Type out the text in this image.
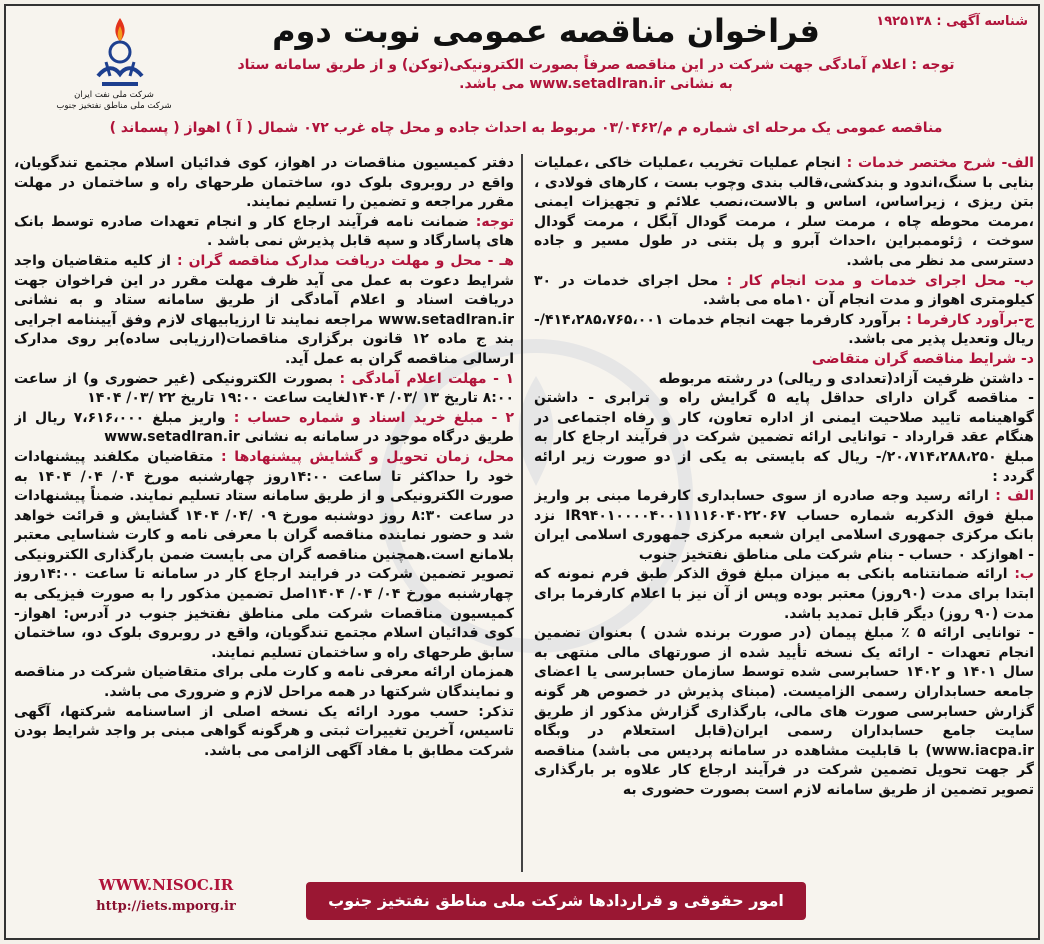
شناسه آگهی : ۱۹۲۵۱۳۸
فراخوان مناقصه عمومی نوبت دوم
شرکت ملی نفت ایران
شرکت ملی مناطق نفتخیز جنوب
توجه : اعلام آمادگی جهت شرکت در این مناقصه صرفاً بصورت الکترونیکی(توکن) و از طریق سامانه ستاد
به نشانی www.setadIran.ir می باشد.
مناقصه عمومی یک مرحله ای شماره م م/۰۳/۰۴۶۲ مربوط به احداث جاده و محل چاه غرب ۰۷۲ شمال ( آ ) اهواز ( پسماند )

الف- شرح مختصر خدمات : انجام عملیات تخریب ،عملیات خاکی ،عملیات بنایی با سنگ،اندود و بندکشی،قالب بندی وچوب بست ، کارهای فولادی ، بتن ریزی ، زیراساس، اساس و بالاست،نصب علائم و تجهیزات ایمنی ،مرمت محوطه چاه ، مرمت سلر ، مرمت گودال آبگل ، مرمت گودال سوخت ، ژئوممبراین ،احداث آبرو و پل بتنی در طول مسیر و جاده دسترسی مد نظر می باشد.

ب- محل اجرای خدمات و مدت انجام کار : محل اجرای خدمات در ۳۰ کیلومتری اهواز و مدت انجام آن ۱۰ماه می باشد.

ج-برآورد کارفرما : برآورد کارفرما جهت انجام خدمات ۴۱۴،۲۸۵،۷۶۵،۰۰۱/- ریال وتعدیل پذیر می باشد.

د- شرایط مناقصه گران متقاضی

- داشتن ظرفیت آزاد(تعدادی و ریالی) در رشته مربوطه

- مناقصه گران دارای حداقل پایه ۵ گرایش راه و ترابری - داشتن گواهینامه تایید صلاحیت ایمنی از اداره تعاون، کار و رفاه اجتماعی در هنگام عقد قرارداد - توانایی ارائه تضمین شرکت در فرآیند ارجاع کار به مبلغ ۲۰،۷۱۴،۲۸۸،۲۵۰/- ریال که بایستی به یکی از دو صورت زیر ارائه گردد :

الف : ارائه رسید وجه صادره از سوی حسابداری کارفرما مبنی بر واریز مبلغ فوق الذکربه شماره حساب IR۹۴۰۱۰۰۰۰۴۰۰۱۱۱۱۶۰۴۰۲۲۰۶۷ نزد بانک مرکزی جمهوری اسلامی ایران شعبه مرکزی جمهوری اسلامی ایران - اهوازکد ۰ حساب - بنام شرکت ملی مناطق نفتخیز جنوب

ب: ارائه ضمانتنامه بانکی به میزان مبلغ فوق الذکر طبق فرم نمونه که ابتدا برای مدت (۹۰روز) معتبر بوده وپس از آن نیز با اعلام کارفرما برای مدت (۹۰ روز) دیگر قابل تمدید باشد.

- توانایی ارائه ۵ ٪ مبلغ پیمان (در صورت برنده شدن ) بعنوان تضمین انجام تعهدات - ارائه یک نسخه تأیید شده از صورتهای مالی منتهی به سال ۱۴۰۱ و ۱۴۰۲ حسابرسی شده توسط سازمان حسابرسی یا اعضای جامعه حسابداران رسمی الزامیست. (مبنای پذیرش در خصوص هر گونه گزارش حسابرسی صورت های مالی، بارگذاری گزارش مذکور از طریق سایت جامع حسابداران رسمی ایران(قابل استعلام در وبگاه www.iacpa.ir) با قابلیت مشاهده در سامانه پردیس می باشد) مناقصه گر جهت تحویل تضمین شرکت در فرآیند ارجاع کار علاوه بر بارگذاری تصویر تضمین از طریق سامانه لازم است بصورت حضوری به

دفتر کمیسیون مناقصات در اهواز، کوی فدائیان اسلام مجتمع تندگویان، واقع در روبروی بلوک دو، ساختمان طرحهای راه و ساختمان در مهلت مقرر مراجعه و تضمین را تسلیم نمایند.

توجه: ضمانت نامه فرآیند ارجاع کار و انجام تعهدات صادره توسط بانک های پاسارگاد و سپه قابل پذیرش نمی باشد .

هـ - محل و مهلت دریافت مدارک مناقصه گران : از کلیه متقاضیان واجد شرایط دعوت به عمل می آید ظرف مهلت مقرر در این فراخوان جهت دریافت اسناد و اعلام آمادگی از طریق سامانه ستاد و به نشانی www.setadIran.ir مراجعه نمایند تا ارزیابیهای لازم وفق آییننامه اجرایی بند ج ماده ۱۲ قانون برگزاری مناقصات(ارزیابی ساده)بر روی مدارک ارسالی مناقصه گران به عمل آید.

۱ - مهلت اعلام آمادگی : بصورت الکترونیکی (غیر حضوری و) از ساعت ۸:۰۰ تاریخ ۱۳ /۰۳/ ۱۴۰۴لغایت ساعت ۱۹:۰۰ تاریخ ۲۲ /۰۳/ ۱۴۰۴

۲ - مبلغ خرید اسناد و شماره حساب : واریز مبلغ ۷،۶۱۶،۰۰۰ ریال از طریق درگاه موجود در سامانه به نشانی www.setadIran.ir

محل، زمان تحویل و گشایش پیشنهادها : متقاضیان مکلفند پیشنهادات خود را حداکثر تا ساعت ۱۴:۰۰روز چهارشنبه مورخ ۰۴/ ۰۴/ ۱۴۰۴ به صورت الکترونیکی و از طریق سامانه ستاد تسلیم نمایند. ضمناً پیشنهادات در ساعت ۸:۳۰ روز دوشنبه مورخ ۰۹ /۰۴/ ۱۴۰۴ گشایش و قرائت خواهد شد و حضور نماینده مناقصه گران با معرفی نامه و کارت شناسایی معتبر بلامانع است.همچنین مناقصه گران می بایست ضمن بارگذاری الکترونیکی تصویر تضمین شرکت در فرایند ارجاع کار در سامانه تا ساعت ۱۴:۰۰روز چهارشنبه مورخ ۰۴/ ۰۴/ ۱۴۰۴اصل تضمین مذکور را به صورت فیزیکی به کمیسیون مناقصات شرکت ملی مناطق نفتخیز جنوب در آدرس: اهواز- کوی فدائیان اسلام مجتمع تندگویان، واقع در روبروی بلوک دو، ساختمان سابق طرحهای راه و ساختمان تسلیم نمایند.

همزمان ارائه معرفی نامه و کارت ملی برای متقاضیان شرکت در مناقصه و نمایندگان شرکتها در همه مراحل لازم و ضروری می باشد.

تذکر: حسب مورد ارائه یک نسخه اصلی از اساسنامه شرکتها، آگهی تاسیس، آخرین تغییرات ثبتی و هرگونه گواهی مبنی بر واجد شرایط بودن شرکت مطابق با مفاد آگهی الزامی می باشد.

WWW.NISOC.IR
http://iets.mporg.ir	امور حقوقی و قراردادها شرکت ملی مناطق نفتخیز جنوب
